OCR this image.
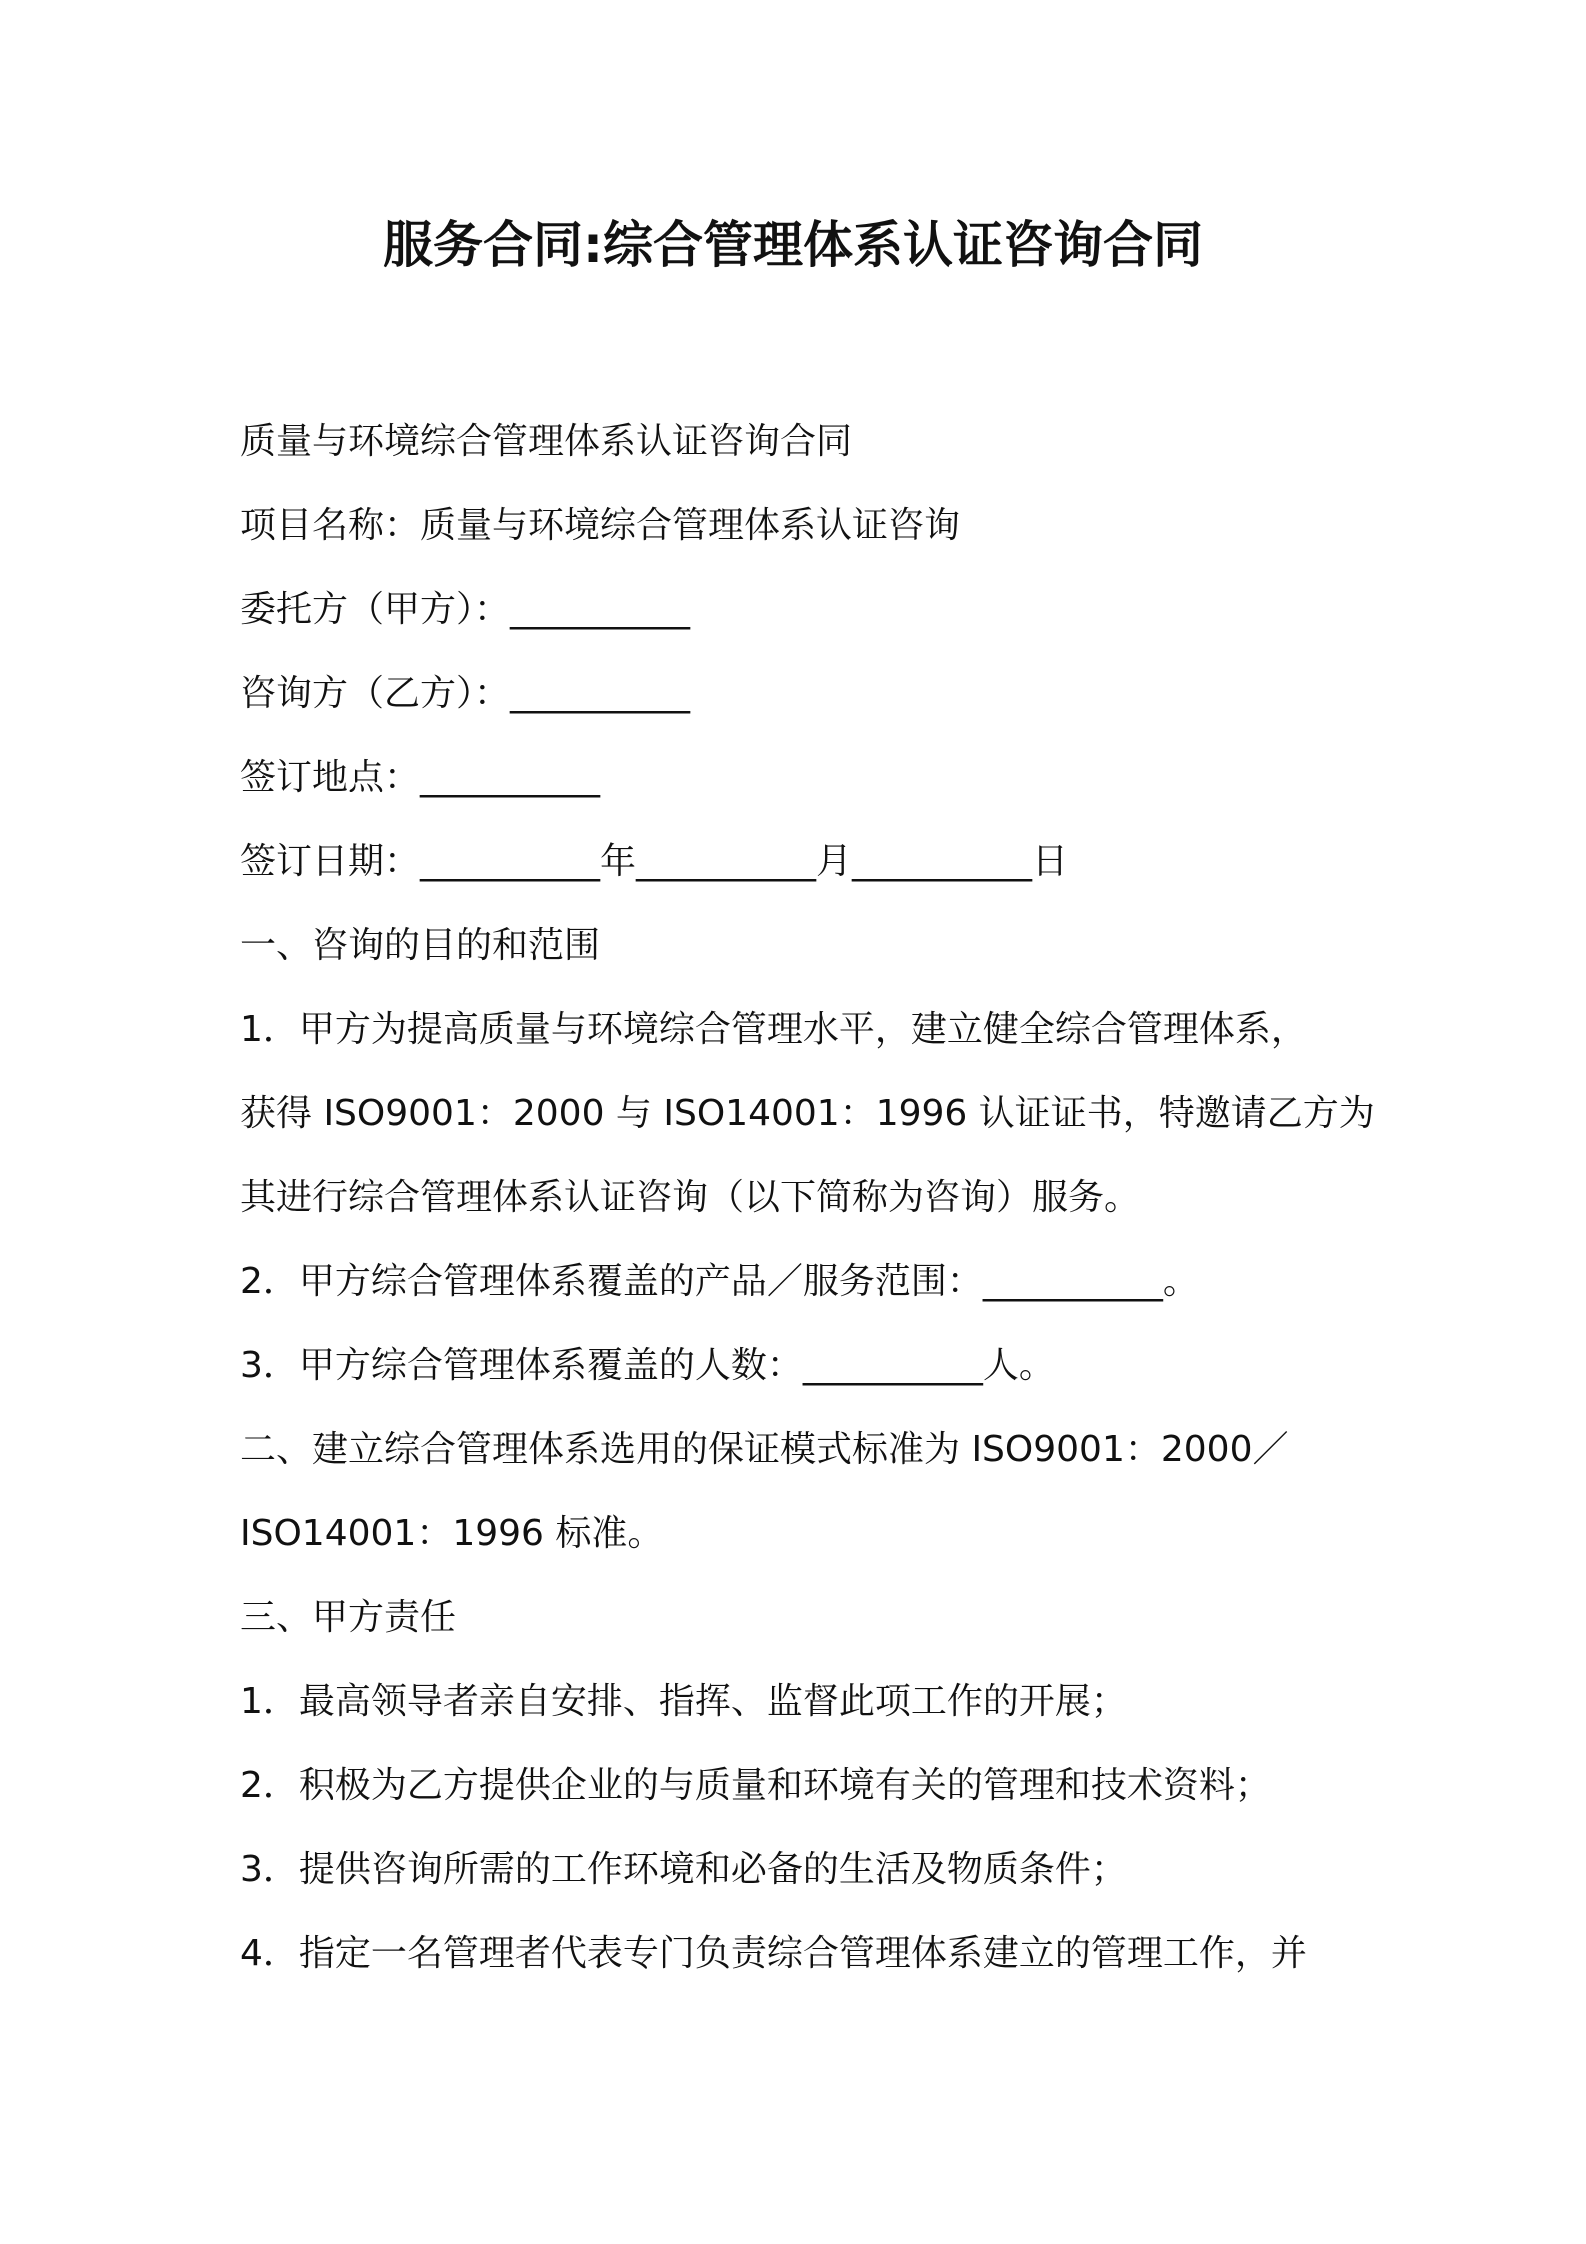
服务合同:综合管理体系认证咨询合同
质量与环境综合管理体系认证咨询合同
项目名称：质量与环境综合管理体系认证咨询
委托方（甲方）：__________
咨询方（乙方）：__________
签订地点：__________
签订日期：__________年__________月__________日
一、咨询的目的和范围
1．甲方为提高质量与环境综合管理水平，建立健全综合管理体系，
获得 ISO9001：2000 与 ISO14001：1996 认证证书，特邀请乙方为
其进行综合管理体系认证咨询（以下简称为咨询）服务。
2．甲方综合管理体系覆盖的产品／服务范围：__________。
3．甲方综合管理体系覆盖的人数：__________人。
二、建立综合管理体系选用的保证模式标准为 ISO9001：2000／
ISO14001：1996 标准。
三、甲方责任
1．最高领导者亲自安排、指挥、监督此项工作的开展；
2．积极为乙方提供企业的与质量和环境有关的管理和技术资料；
3．提供咨询所需的工作环境和必备的生活及物质条件；
4．指定一名管理者代表专门负责综合管理体系建立的管理工作，并
